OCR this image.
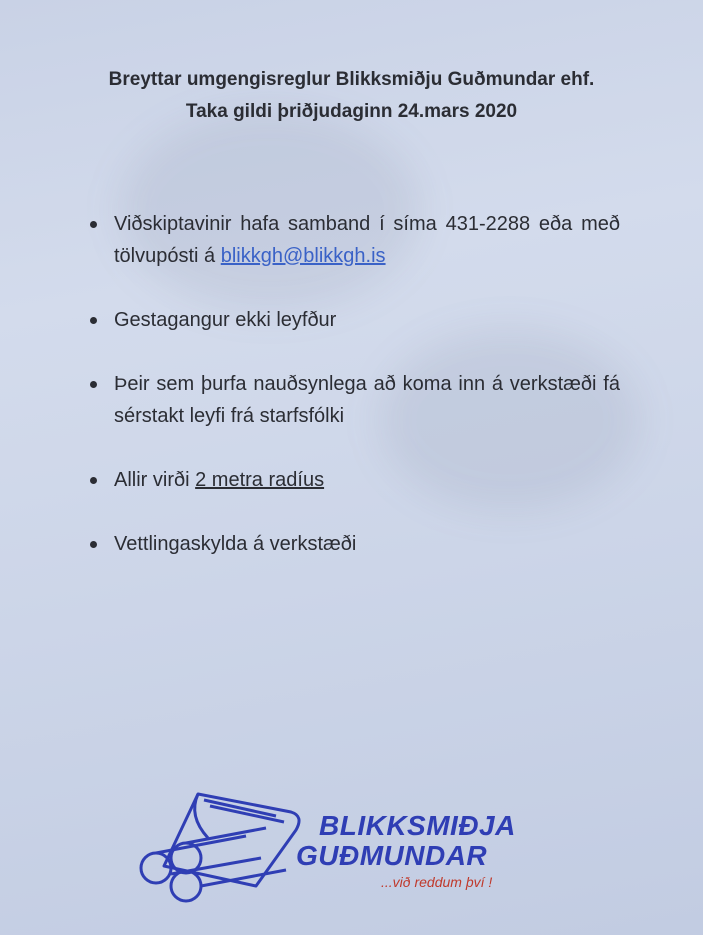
Breyttar umgengisreglur Blikksmiðju Guðmundar ehf.
Taka gildi þriðjudaginn 24.mars 2020
Viðskiptavinir hafa samband í síma 431-2288 eða með tölvupósti á blikkgh@blikkgh.is
Gestagangur ekki leyfður
Þeir sem þurfa nauðsynlega að koma inn á verkstæði fá sérstakt leyfi frá starfsfólki
Allir virði 2 metra radíus
Vettlingaskylda á verkstæði
BLIKKSMIÐJA
GUÐMUNDAR
...við reddum því !
